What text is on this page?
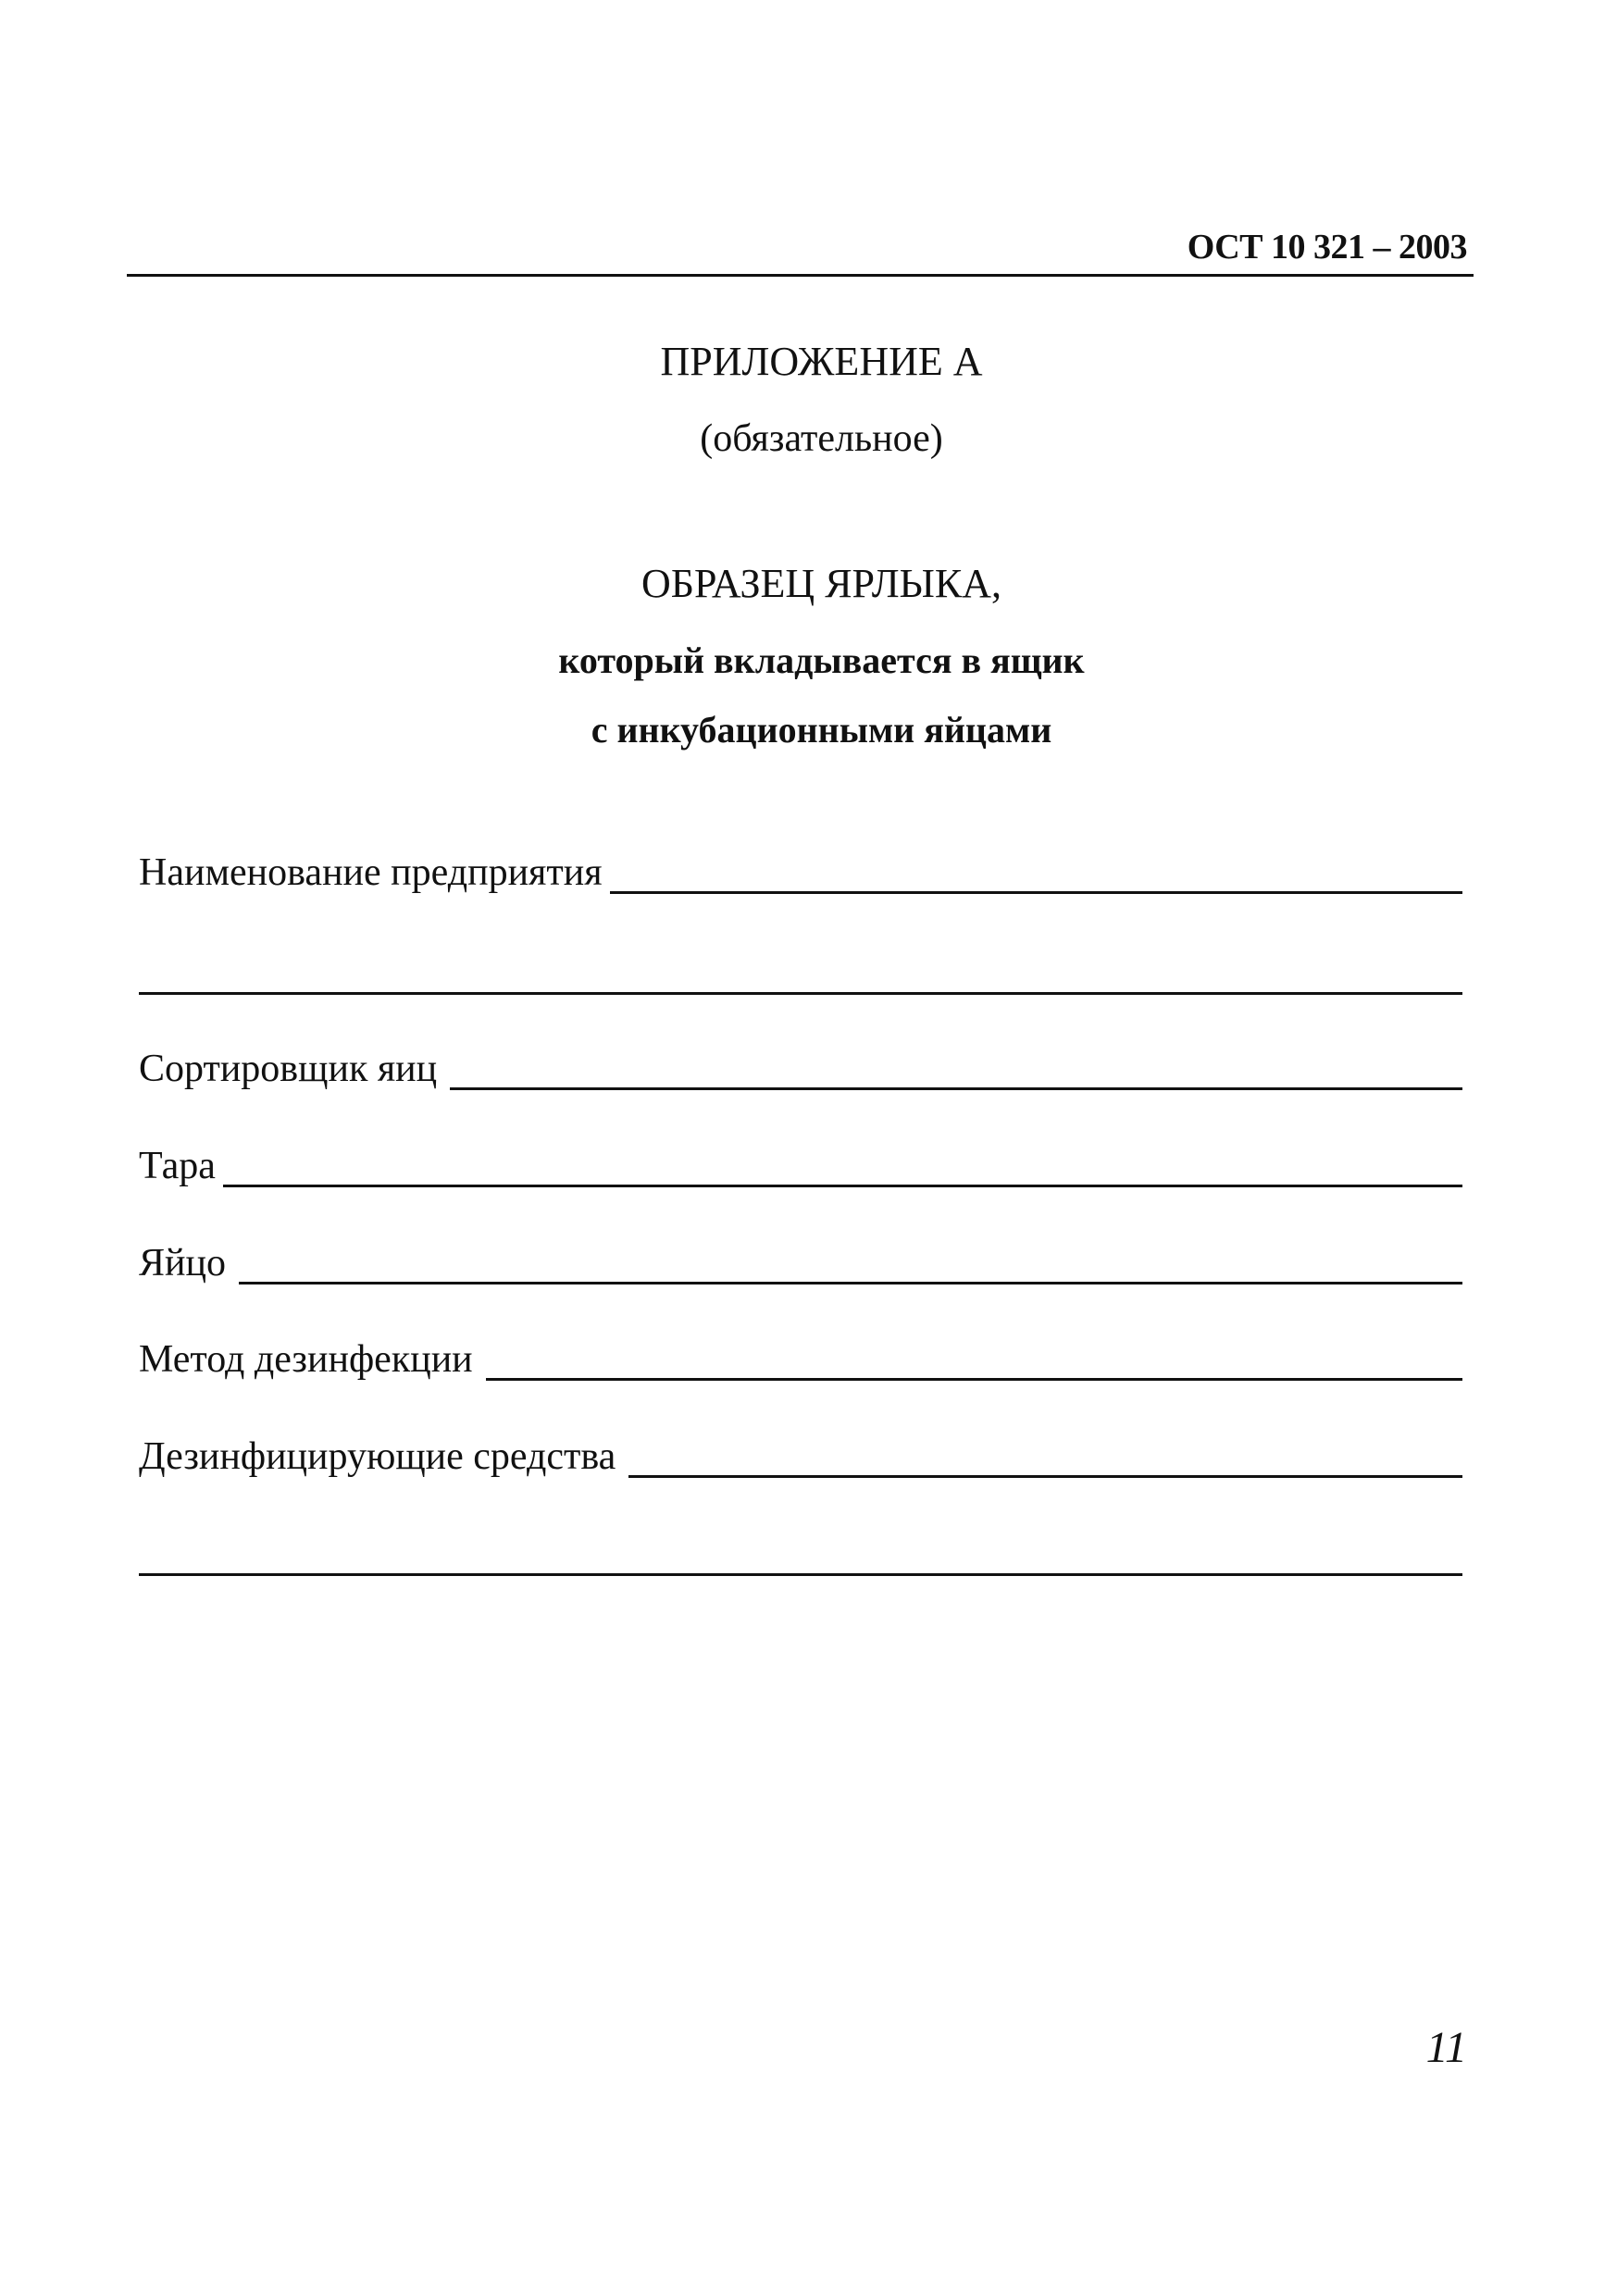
ОСТ 10 321 – 2003
ПРИЛОЖЕНИЕ А
(обязательное)
ОБРАЗЕЦ ЯРЛЫКА,
который вкладывается в ящик
с инкубационными яйцами
Наименование предприятия
Сортировщик яиц
Тара
Яйцо
Метод дезинфекции
Дезинфицирующие средства
11
